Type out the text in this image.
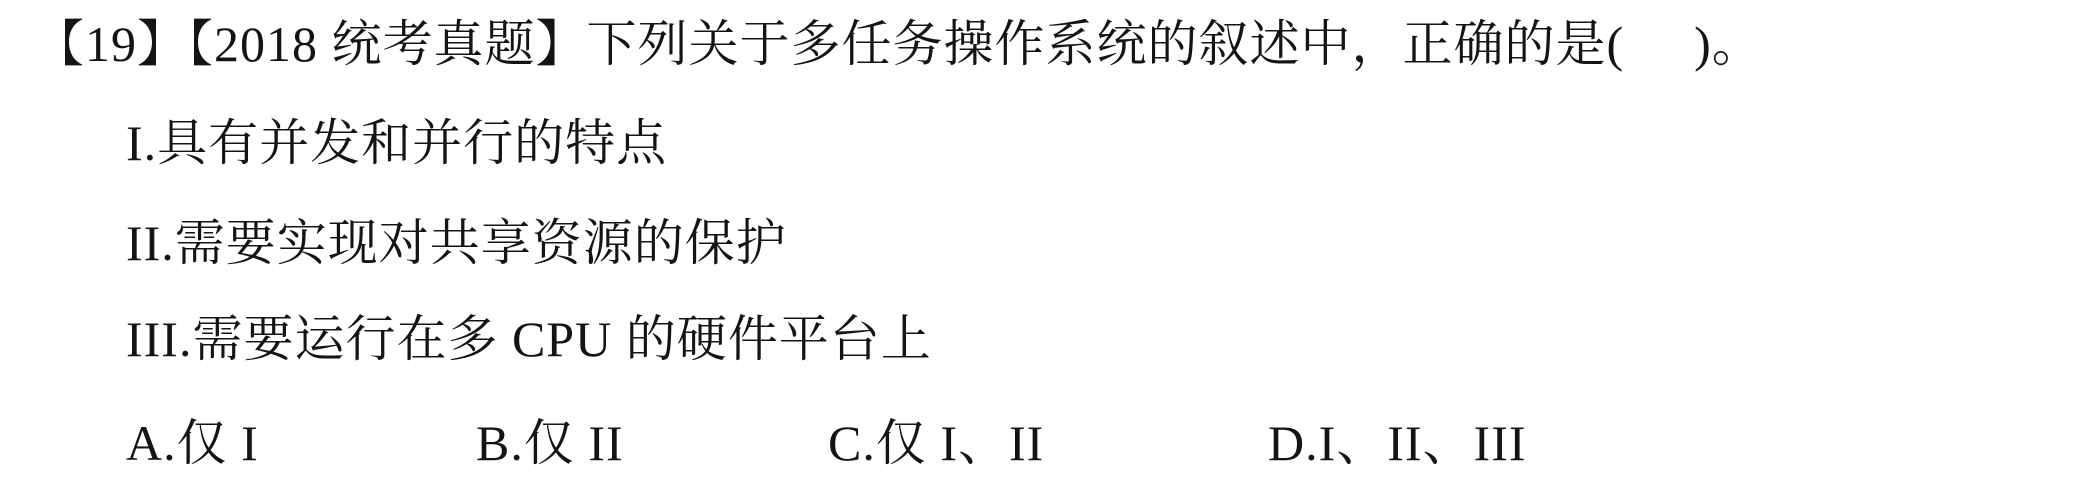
【19】【2018 统考真题】下列关于多任务操作系统的叙述中，正确的是( )。
I.具有并发和并行的特点
II.需要实现对共享资源的保护
III.需要运行在多 CPU 的硬件平台上
A.仅 I	B.仅 II	C.仅 I、II	D.I、II、III
